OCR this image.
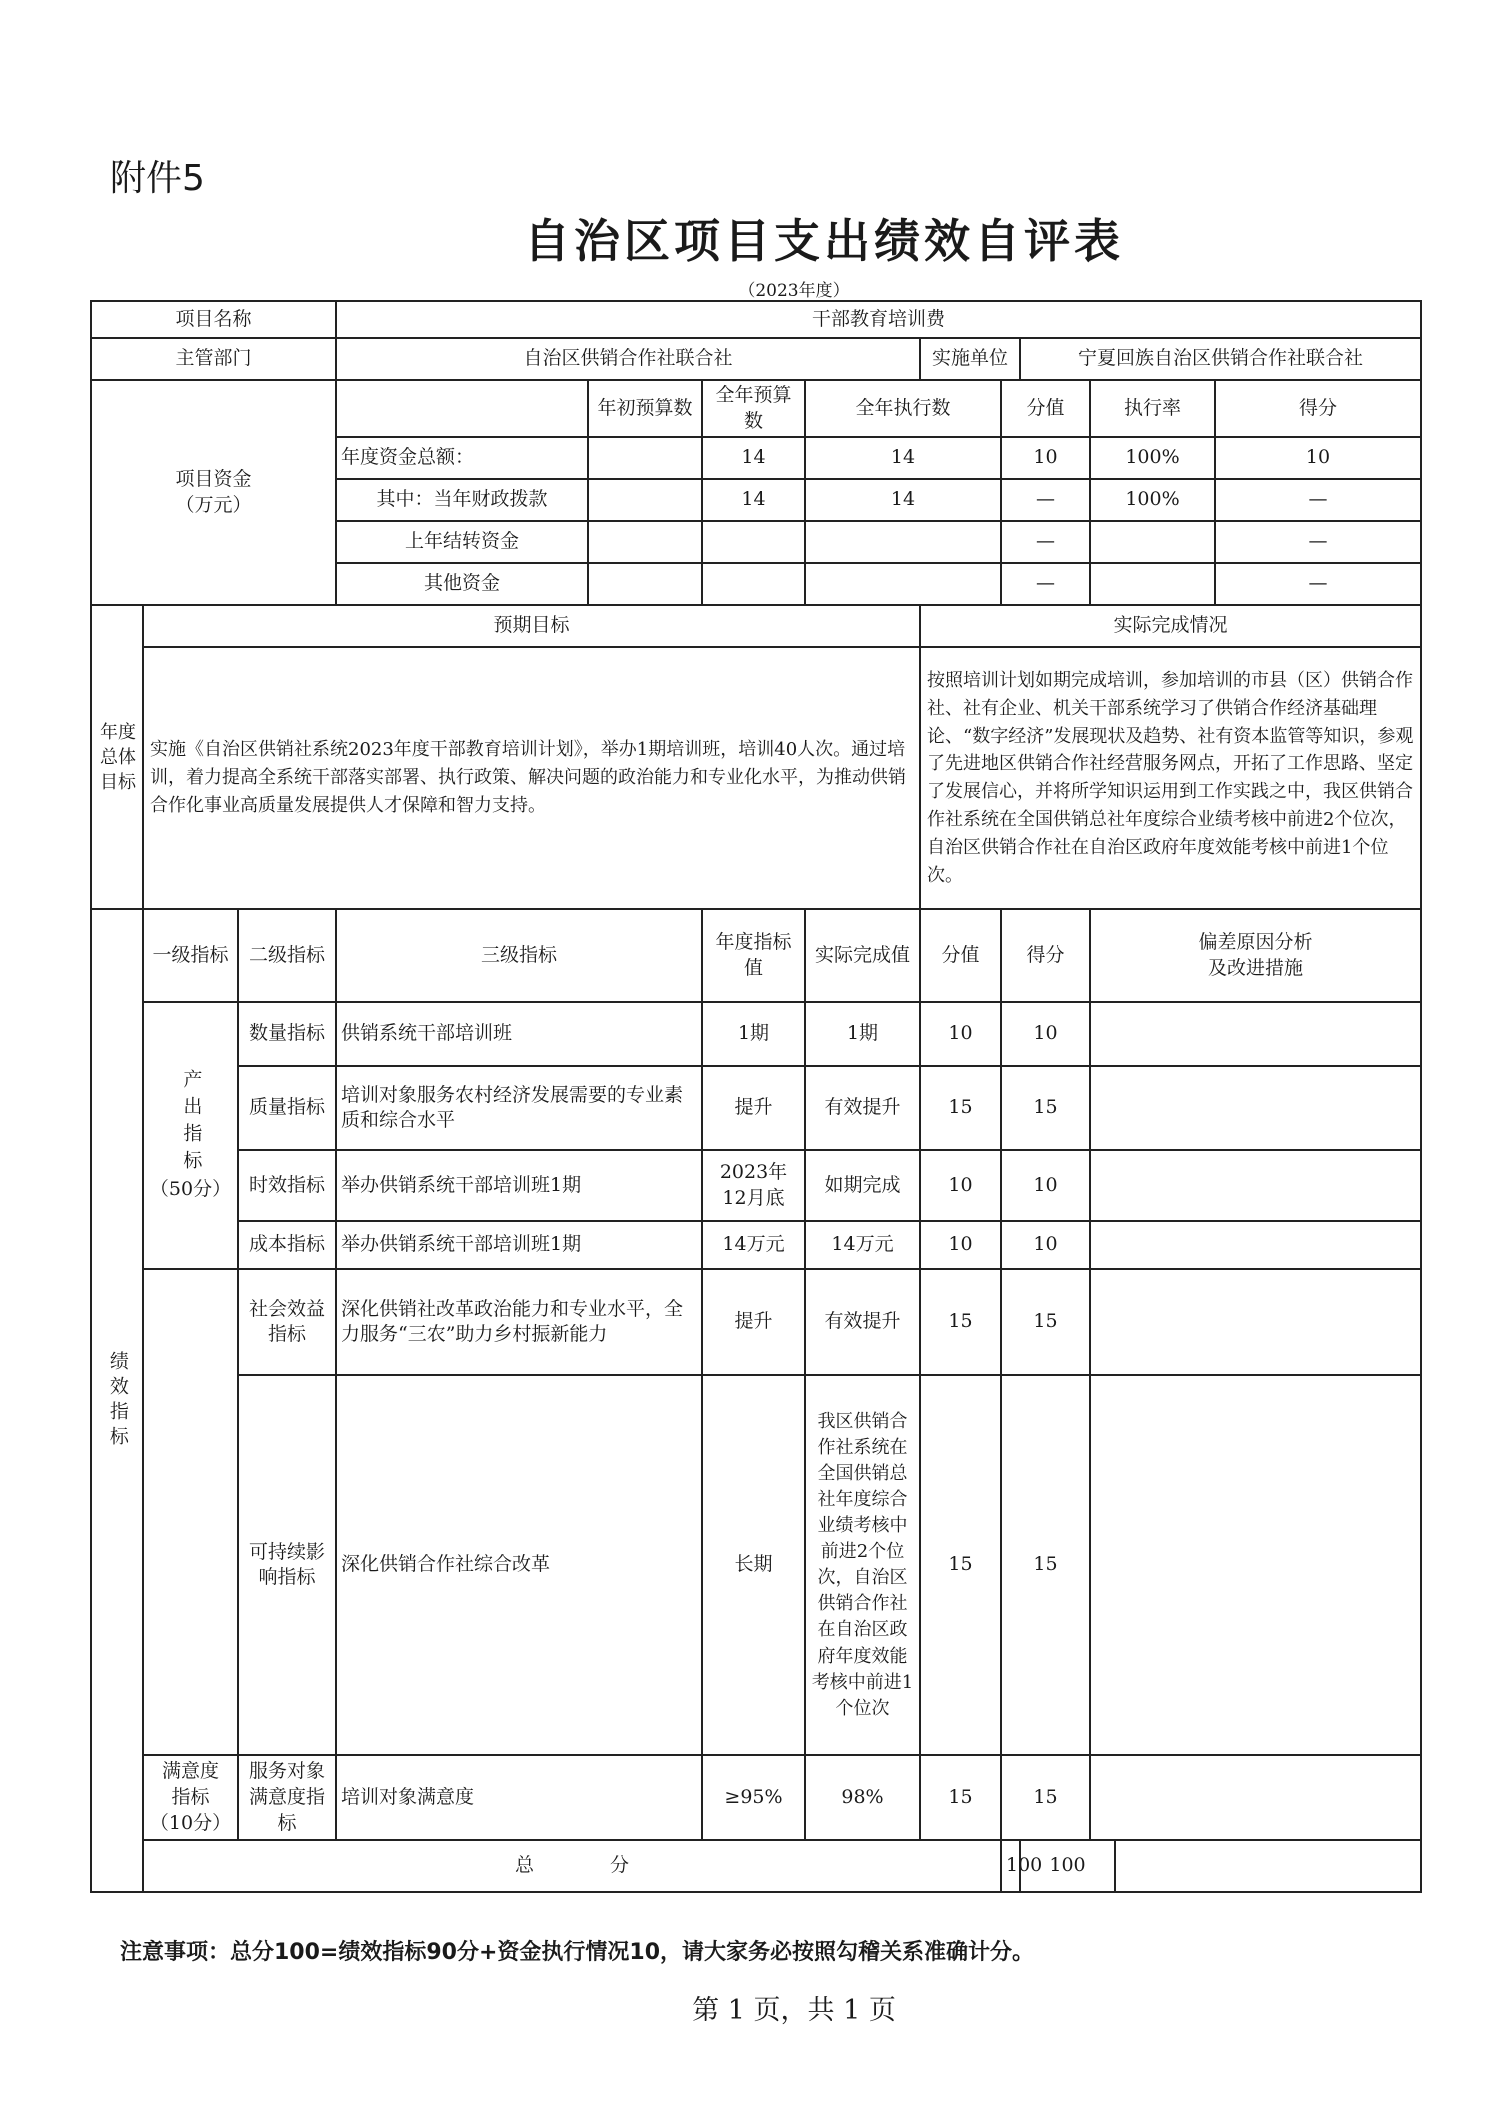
附件5
自治区项目支出绩效自评表
（2023年度）
项目名称			干部教育培训费									
主管部门			自治区供销合作社联合社				实施单位		宁夏回族自治区供销合作社联合社			

项目资金
（万元）				年初预算数	全年预算数	全年执行数		分值		执行率		得分
			年度资金总额：		14	14		10		100%		10
			其中：当年财政拨款		14	14		—		100%		—
			上年结转资金					—				—
			其他资金					—				—

年度总体目标	预期目标						实际完成情况					
	实施《自治区供销社系统2023年度干部教育培训计划》，举办1期培训班，培训40人次。通过培训，着力提高全系统干部落实部署、执行政策、解决问题的政治能力和专业化水平，为推动供销合作化事业高质量发展提供人才保障和智力支持。						按照培训计划如期完成培训，参加培训的市县（区）供销合作社、社有企业、机关干部系统学习了供销合作经济基础理论、“数字经济”发展现状及趋势、社有资本监管等知识，参观了先进地区供销合作社经营服务网点，开拓了工作思路、坚定了发展信心，并将所学知识运用到工作实践之中，我区供销合作社系统在全国供销总社年度综合业绩考核中前进2个位次，自治区供销合作社在自治区政府年度效能考核中前进1个位次。					

绩效指标	一级指标	二级指标	三级指标		年度指标值	实际完成值	分值	得分		偏差原因分析
及改进措施		

	产出指标
（50分）	数量指标	供销系统干部培训班		1期	1期	10	10				
		质量指标	培训对象服务农村经济发展需要的专业素质和综合水平		提升	有效提升	15	15				
		时效指标	举办供销系统干部培训班1期		2023年12月底	如期完成	10	10				
		成本指标	举办供销系统干部培训班1期		14万元	14万元	10	10				

		社会效益指标	深化供销社改革政治能力和专业水平，全力服务“三农”助力乡村振新能力		提升	有效提升	15	15				

		可持续影响指标	深化供销合作社综合改革		长期	我区供销合作社系统在全国供销总社年度综合业绩考核中前进2个位次，自治区供销合作社在自治区政府年度效能考核中前进1个位次	15	15				

	满意度指标
（10分）	服务对象满意度指标	培训对象满意度		≥95%	98%	15	15				
	总　　　　分							100	100			
注意事项：总分100=绩效指标90分+资金执行情况10，请大家务必按照勾稽关系准确计分。
第 1 页，共 1 页
